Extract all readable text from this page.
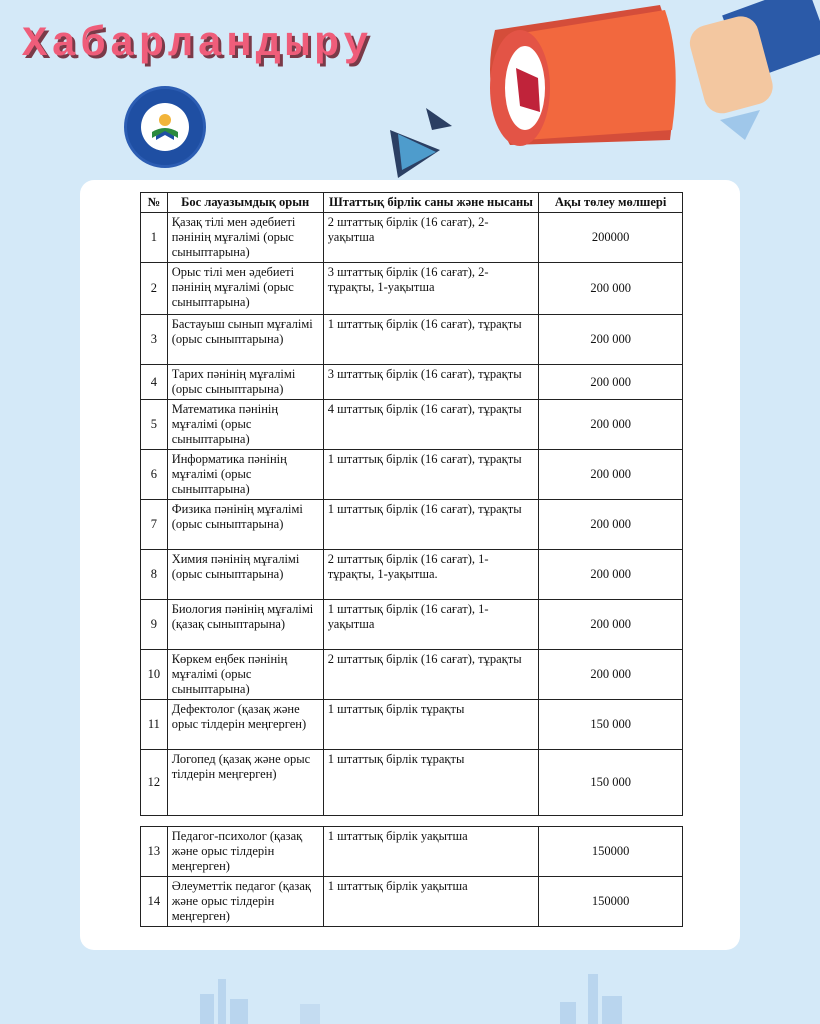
Хабарландыру
№	Бос лауазымдық орын	Штаттық бірлік саны және нысаны	Ақы төлеу мөлшері
1	Қазақ тілі мен әдебиеті пәнінің мұғалімі (орыс сыныптарына)	2 штаттық бірлік (16 сағат), 2-уақытша	200000
2	Орыс тілі мен әдебиеті пәнінің мұғалімі (орыс сыныптарына)	3 штаттық бірлік (16 сағат), 2-тұрақты, 1-уақытша	200 000
3	Бастауыш сынып мұғалімі (орыс сыныптарына)	1 штаттық бірлік (16 сағат), тұрақты	200 000
4	Тарих пәнінің мұғалімі (орыс сыныптарына)	3 штаттық бірлік (16 сағат), тұрақты	200 000
5	Математика пәнінің мұғалімі (орыс сыныптарына)	4 штаттық бірлік (16 сағат), тұрақты	200 000
6	Информатика пәнінің мұғалімі (орыс сыныптарына)	1 штаттық бірлік (16 сағат), тұрақты	200 000
7	Физика пәнінің мұғалімі (орыс сыныптарына)	1 штаттық бірлік (16 сағат), тұрақты	200 000
8	Химия пәнінің мұғалімі (орыс сыныптарына)	2 штаттық бірлік (16 сағат), 1-тұрақты, 1-уақытша.	200 000
9	Биология пәнінің мұғалімі (қазақ сыныптарына)	1 штаттық бірлік (16 сағат), 1- уақытша	200 000
10	Көркем еңбек пәнінің мұғалімі (орыс сыныптарына)	2 штаттық бірлік (16 сағат), тұрақты	200 000
11	Дефектолог (қазақ және орыс тілдерін меңгерген)	1 штаттық бірлік тұрақты	150 000
12	Логопед (қазақ және орыс тілдерін меңгерген)	1 штаттық бірлік тұрақты	150 000
13	Педагог-психолог (қазақ және орыс тілдерін меңгерген)	1 штаттық бірлік уақытша	150000
14	Әлеуметтік педагог (қазақ және орыс тілдерін меңгерген)	1 штаттық бірлік уақытша	150000
